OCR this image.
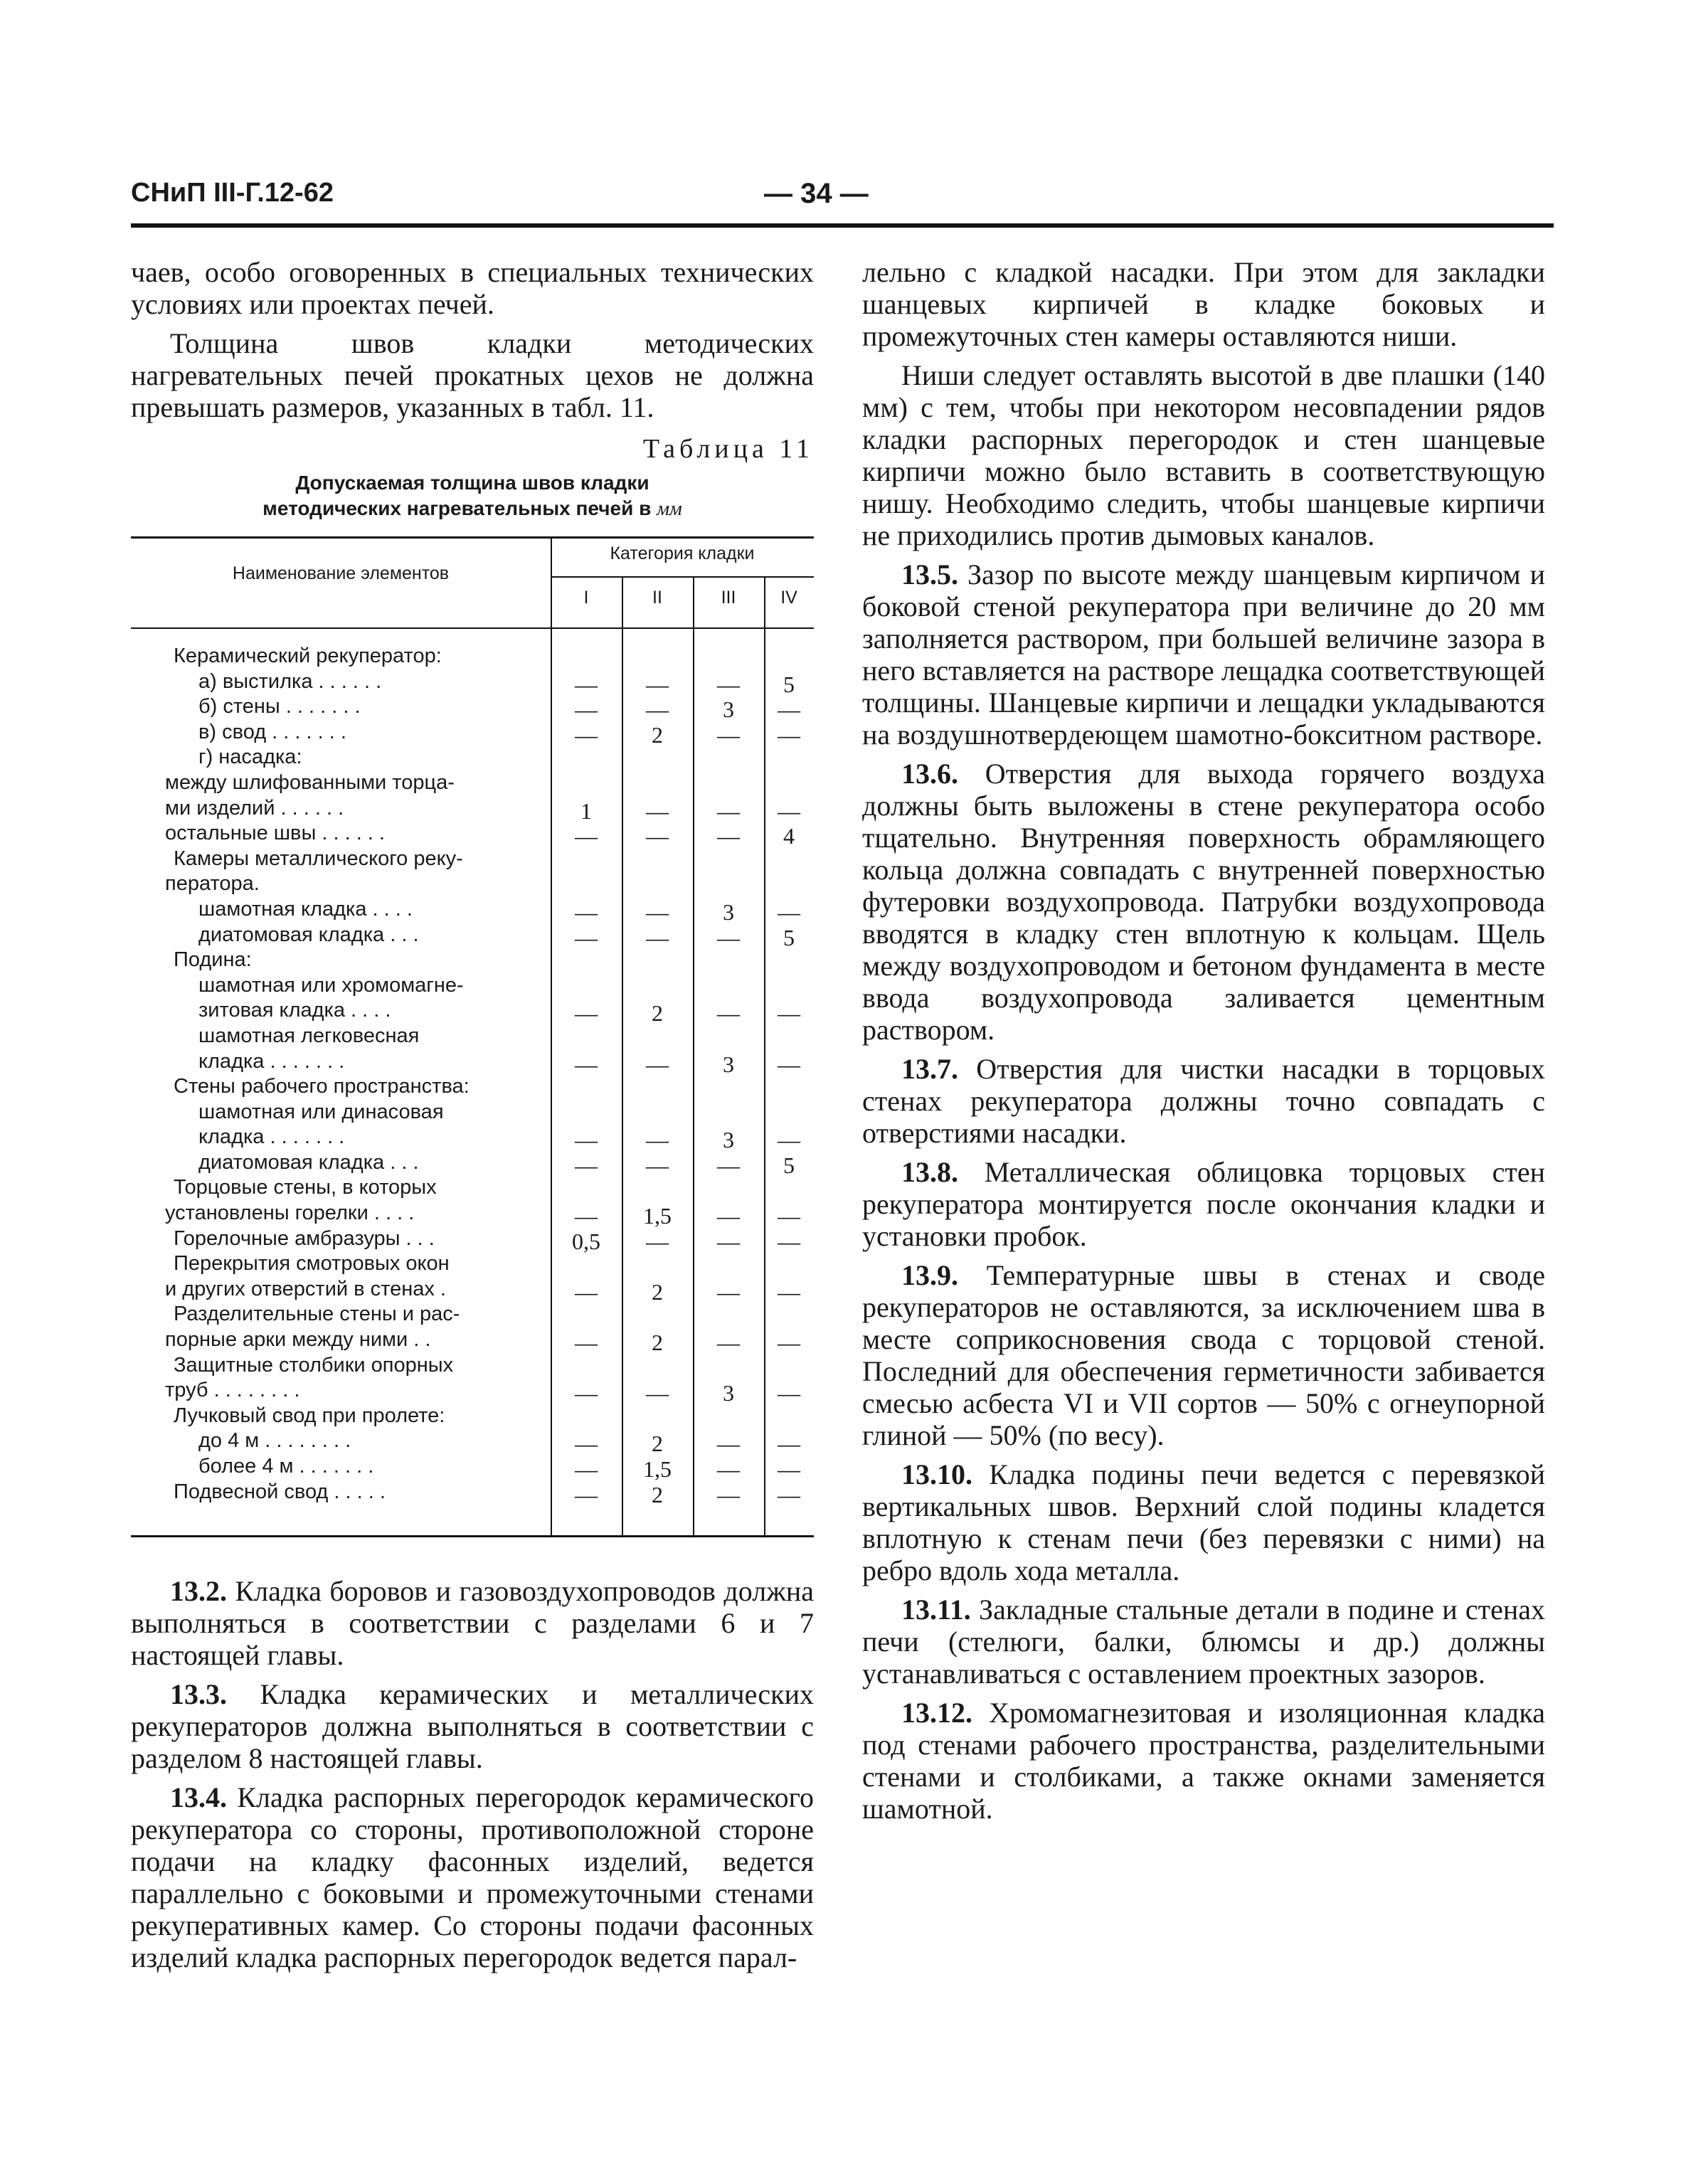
СНиП III-Г.12-62	— 34 —

чаев, особо оговоренных в специальных технических условиях или проектах печей.

Толщина швов кладки методических нагревательных печей прокатных цехов не должна превышать размеров, указанных в табл. 11.

Таблица 11
Допускаемая толщина швов кладки
методических нагревательных печей в мм
Наименование элементов
Категория кладки
I	II	III	IV
Керамический рекуператор:
а) выстилка . . . . . .	—	—	—	5
б) стены . . . . . . .	—	—	3	—
в) свод . . . . . . .	—	2	—	—
г) насадка:
между шлифованными торца-
ми изделий . . . . . .	1	—	—	—
остальные швы . . . . . .	—	—	—	4
Камеры металлического реку-
ператора.
шамотная кладка . . . .	—	—	3	—
диатомовая кладка . . .	—	—	—	5
Подина:
шамотная или хромомагне-
зитовая кладка . . . .	—	2	—	—
шамотная легковесная
кладка . . . . . . .	—	—	3	—
Стены рабочего пространства:
шамотная или динасовая
кладка . . . . . . .	—	—	3	—
диатомовая кладка . . .	—	—	—	5
Торцовые стены, в которых
установлены горелки . . . .	—	1,5	—	—
Горелочные амбразуры . . .	0,5	—	—	—
Перекрытия смотровых окон
и других отверстий в стенах .	—	2	—	—
Разделительные стены и рас-
порные арки между ними . .	—	2	—	—
Защитные столбики опорных
труб . . . . . . . .	—	—	3	—
Лучковый свод при пролете:
до 4 м . . . . . . . .	—	2	—	—
более 4 м . . . . . . .	—	1,5	—	—
Подвесной свод . . . . .	—	2	—	—

13.2. Кладка боровов и газовоздухопроводов должна выполняться в соответствии с разделами 6 и 7 настоящей главы.

13.3. Кладка керамических и металлических рекуператоров должна выполняться в соответствии с разделом 8 настоящей главы.

13.4. Кладка распорных перегородок керамического рекуператора со стороны, противоположной стороне подачи на кладку фасонных изделий, ведется параллельно с боковыми и промежуточными стенами рекуперативных камер. Со стороны подачи фасонных изделий кладка распорных перегородок ведется парал-

лельно с кладкой насадки. При этом для закладки шанцевых кирпичей в кладке боковых и промежуточных стен камеры оставляются ниши.

Ниши следует оставлять высотой в две плашки (140 мм) с тем, чтобы при некотором несовпадении рядов кладки распорных перегородок и стен шанцевые кирпичи можно было вставить в соответствующую нишу. Необходимо следить, чтобы шанцевые кирпичи не приходились против дымовых каналов.

13.5. Зазор по высоте между шанцевым кирпичом и боковой стеной рекуператора при величине до 20 мм заполняется раствором, при большей величине зазора в него вставляется на растворе лещадка соответствующей толщины. Шанцевые кирпичи и лещадки укладываются на воздушнотвердеющем шамотно-бокситном растворе.

13.6. Отверстия для выхода горячего воздуха должны быть выложены в стене рекуператора особо тщательно. Внутренняя поверхность обрамляющего кольца должна совпадать с внутренней поверхностью футеровки воздухопровода. Патрубки воздухопровода вводятся в кладку стен вплотную к кольцам. Щель между воздухопроводом и бетоном фундамента в месте ввода воздухопровода заливается цементным раствором.

13.7. Отверстия для чистки насадки в торцовых стенах рекуператора должны точно совпадать с отверстиями насадки.

13.8. Металлическая облицовка торцовых стен рекуператора монтируется после окончания кладки и установки пробок.

13.9. Температурные швы в стенах и своде рекуператоров не оставляются, за исключением шва в месте соприкосновения свода с торцовой стеной. Последний для обеспечения герметичности забивается смесью асбеста VI и VII сортов — 50% с огнеупорной глиной — 50% (по весу).

13.10. Кладка подины печи ведется с перевязкой вертикальных швов. Верхний слой подины кладется вплотную к стенам печи (без перевязки с ними) на ребро вдоль хода металла.

13.11. Закладные стальные детали в подине и стенах печи (стелюги, балки, блюмсы и др.) должны устанавливаться с оставлением проектных зазоров.

13.12. Хромомагнезитовая и изоляционная кладка под стенами рабочего пространства, разделительными стенами и столбиками, а также окнами заменяется шамотной.
